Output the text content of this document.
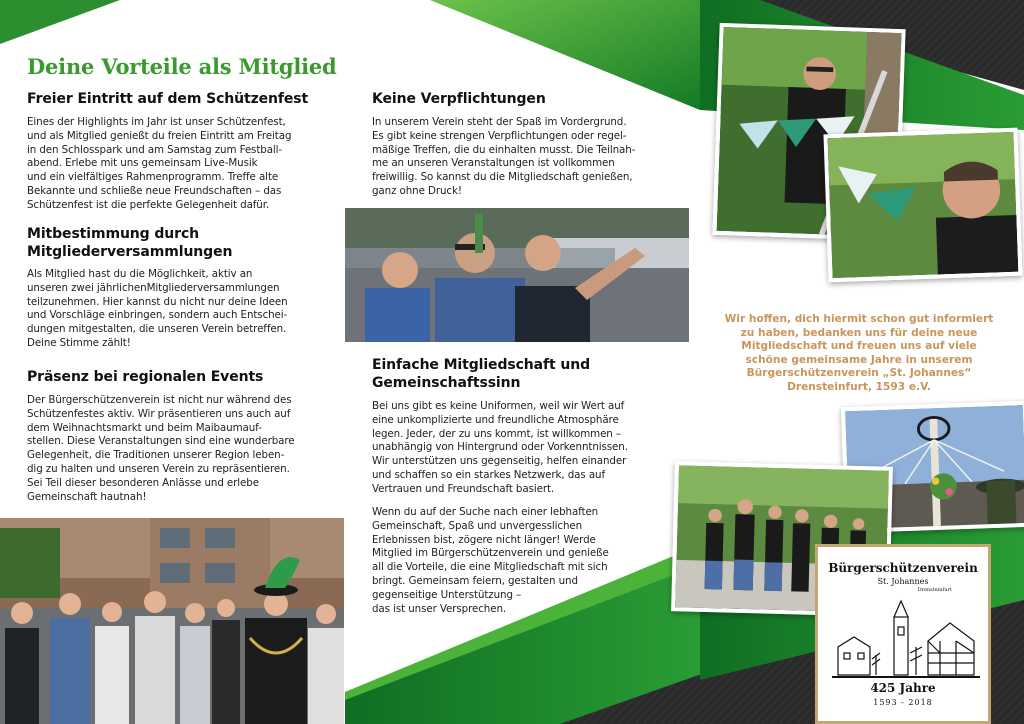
Deine Vorteile als Mitglied
Freier Eintritt auf dem Schützenfest

Eines der Highlights im Jahr ist unser Schützenfest,
und als Mitglied genießt du freien Eintritt am Freitag
in den Schlosspark und am Samstag zum Festball-
abend. Erlebe mit uns gemeinsam Live-Musik
und ein vielfältiges Rahmenprogramm. Treffe alte
Bekannte und schließe neue Freundschaften – das
Schützenfest ist die perfekte Gelegenheit dafür.

Mitbestimmung durch
Mitgliederversammlungen

Als Mitglied hast du die Möglichkeit, aktiv an
unseren zwei jährlichenMitgliederversammlungen
teilzunehmen. Hier kannst du nicht nur deine Ideen
und Vorschläge einbringen, sondern auch Entschei-
dungen mitgestalten, die unseren Verein betreffen.
Deine Stimme zählt!

Präsenz bei regionalen Events

Der Bürgerschützenverein ist nicht nur während des
Schützenfestes aktiv. Wir präsentieren uns auch auf
dem Weihnachtsmarkt und beim Maibaumauf-
stellen. Diese Veranstaltungen sind eine wunderbare
Gelegenheit, die Traditionen unserer Region leben-
dig zu halten und unseren Verein zu repräsentieren.
Sei Teil dieser besonderen Anlässe und erlebe
Gemeinschaft hautnah!

Keine Verpflichtungen

In unserem Verein steht der Spaß im Vordergrund.
Es gibt keine strengen Verpflichtungen oder regel-
mäßige Treffen, die du einhalten musst. Die Teilnah-
me an unseren Veranstaltungen ist vollkommen
freiwillig. So kannst du die Mitgliedschaft genießen,
ganz ohne Druck!

Einfache Mitgliedschaft und
Gemeinschaftssinn

Bei uns gibt es keine Uniformen, weil wir Wert auf
eine unkomplizierte und freundliche Atmosphäre
legen. Jeder, der zu uns kommt, ist willkommen –
unabhängig von Hintergrund oder Vorkenntnissen.
Wir unterstützen uns gegenseitig, helfen einander
und schaffen so ein starkes Netzwerk, das auf
Vertrauen und Freundschaft basiert.

Wenn du auf der Suche nach einer lebhaften
Gemeinschaft, Spaß und unvergesslichen
Erlebnissen bist, zögere nicht länger! Werde
Mitglied im Bürgerschützenverein und genieße
all die Vorteile, die eine Mitgliedschaft mit sich
bringt. Gemeinsam feiern, gestalten und
gegenseitige Unterstützung –
das ist unser Versprechen.

Wir hoffen, dich hiermit schon gut informiert
zu haben, bedanken uns für deine neue
Mitgliedschaft und freuen uns auf viele
schöne gemeinsame Jahre in unserem
Bürgerschützenverein „St. Johannes“
Drensteinfurt, 1593 e.V.
Bürgerschützenverein
St. Johannes
Drensteinfurt
425 Jahre
1593 - 2018
